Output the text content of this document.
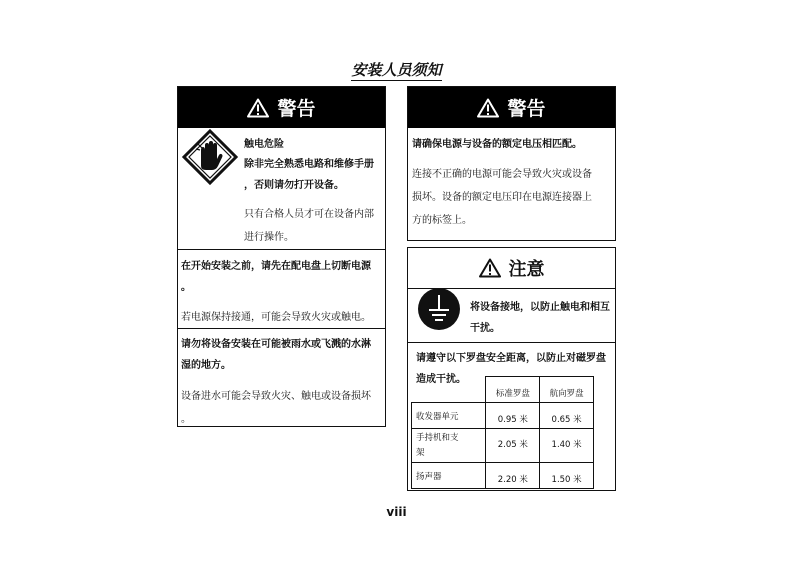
安装人员须知
警告
触电危险
除非完全熟悉电路和维修手册
，否则请勿打开设备。
只有合格人员才可在设备内部
进行操作。
在开始安装之前，请先在配电盘上切断电源
。
若电源保持接通，可能会导致火灾或触电。
请勿将设备安装在可能被雨水或飞溅的水淋
湿的地方。
设备进水可能会导致火灾、触电或设备损坏
。
警告
请确保电源与设备的额定电压相匹配。
连接不正确的电源可能会导致火灾或设备
损坏。设备的额定电压印在电源连接器上
方的标签上。
注意
将设备接地，以防止触电和相互
干扰。
请遵守以下罗盘安全距离，以防止对磁罗盘
造成干扰。
	标准罗盘	航向罗盘
收发器单元	0.95 米	0.65 米
手持机和支
架	2.05 米	1.40 米
扬声器	2.20 米	1.50 米
viii
